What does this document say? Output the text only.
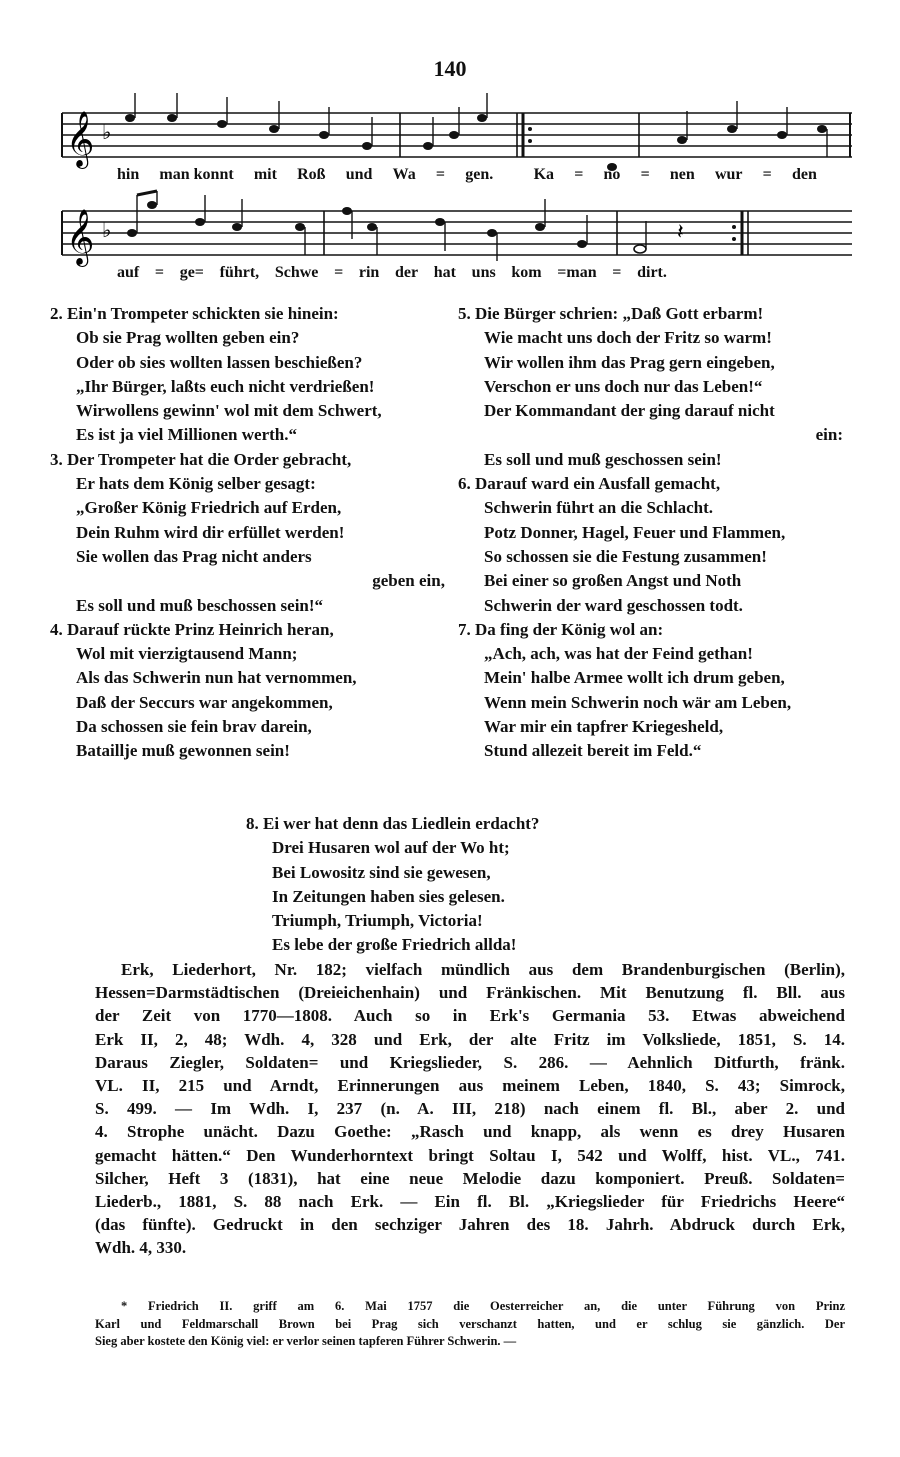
140
𝄞 ♭
hin man konnt mit Roß und Wa = gen.	Ka = no = nen wur = den
𝄞 ♭	𝄽
auf = ge= führt, Schwe = rin der hat uns kom =man = dirt.
2. Ein'n Trompeter schickten sie hinein:
Ob sie Prag wollten geben ein?
Oder ob sies wollten lassen beschießen?
„Ihr Bürger, laßts euch nicht verdrießen!
Wirwollens gewinn' wol mit dem Schwert,
Es ist ja viel Millionen werth.“
3. Der Trompeter hat die Order gebracht,
Er hats dem König selber gesagt:
„Großer König Friedrich auf Erden,
Dein Ruhm wird dir erfüllet werden!
Sie wollen das Prag nicht anders
geben ein,
Es soll und muß beschossen sein!“
4. Darauf rückte Prinz Heinrich heran,
Wol mit vierzigtausend Mann;
Als das Schwerin nun hat vernommen,
Daß der Seccurs war angekommen,
Da schossen sie fein brav darein,
Bataillje muß gewonnen sein!
5. Die Bürger schrien: „Daß Gott erbarm!
Wie macht uns doch der Fritz so warm!
Wir wollen ihm das Prag gern eingeben,
Verschon er uns doch nur das Leben!“
Der Kommandant der ging darauf nicht
ein:
Es soll und muß geschossen sein!
6. Darauf ward ein Ausfall gemacht,
Schwerin führt an die Schlacht.
Potz Donner, Hagel, Feuer und Flammen,
So schossen sie die Festung zusammen!
Bei einer so großen Angst und Noth
Schwerin der ward geschossen todt.
7. Da fing der König wol an:
„Ach, ach, was hat der Feind gethan!
Mein' halbe Armee wollt ich drum geben,
Wenn mein Schwerin noch wär am Leben,
War mir ein tapfrer Kriegesheld,
Stund allezeit bereit im Feld.“
8. Ei wer hat denn das Liedlein erdacht?
Drei Husaren wol auf der Wo ht;
Bei Lowositz sind sie gewesen,
In Zeitungen haben sies gelesen.
Triumph, Triumph, Victoria!
Es lebe der große Friedrich allda!
Erk, Liederhort, Nr. 182; vielfach mündlich aus dem Brandenburgischen (Berlin),
Hessen=Darmstädtischen (Dreieichenhain) und Fränkischen. Mit Benutzung fl. Bll. aus
der Zeit von 1770—1808. Auch so in Erk's Germania 53. Etwas abweichend
Erk II, 2, 48; Wdh. 4, 328 und Erk, der alte Fritz im Volksliede, 1851, S. 14.
Daraus Ziegler, Soldaten= und Kriegslieder, S. 286. — Aehnlich Ditfurth, fränk.
VL. II, 215 und Arndt, Erinnerungen aus meinem Leben, 1840, S. 43; Simrock,
S. 499. — Im Wdh. I, 237 (n. A. III, 218) nach einem fl. Bl., aber 2. und
4. Strophe unächt. Dazu Goethe: „Rasch und knapp, als wenn es drey Husaren
gemacht hätten.“ Den Wunderhorntext bringt Soltau I, 542 und Wolff, hist. VL., 741.
Silcher, Heft 3 (1831), hat eine neue Melodie dazu komponiert. Preuß. Soldaten=
Liederb., 1881, S. 88 nach Erk. — Ein fl. Bl. „Kriegslieder für Friedrichs Heere“
(das fünfte). Gedruckt in den sechziger Jahren des 18. Jahrh. Abdruck durch Erk,
Wdh. 4, 330.
* Friedrich II. griff am 6. Mai 1757 die Oesterreicher an, die unter Führung von Prinz
Karl und Feldmarschall Brown bei Prag sich verschanzt hatten, und er schlug sie gänzlich. Der
Sieg aber kostete den König viel: er verlor seinen tapferen Führer Schwerin. —
